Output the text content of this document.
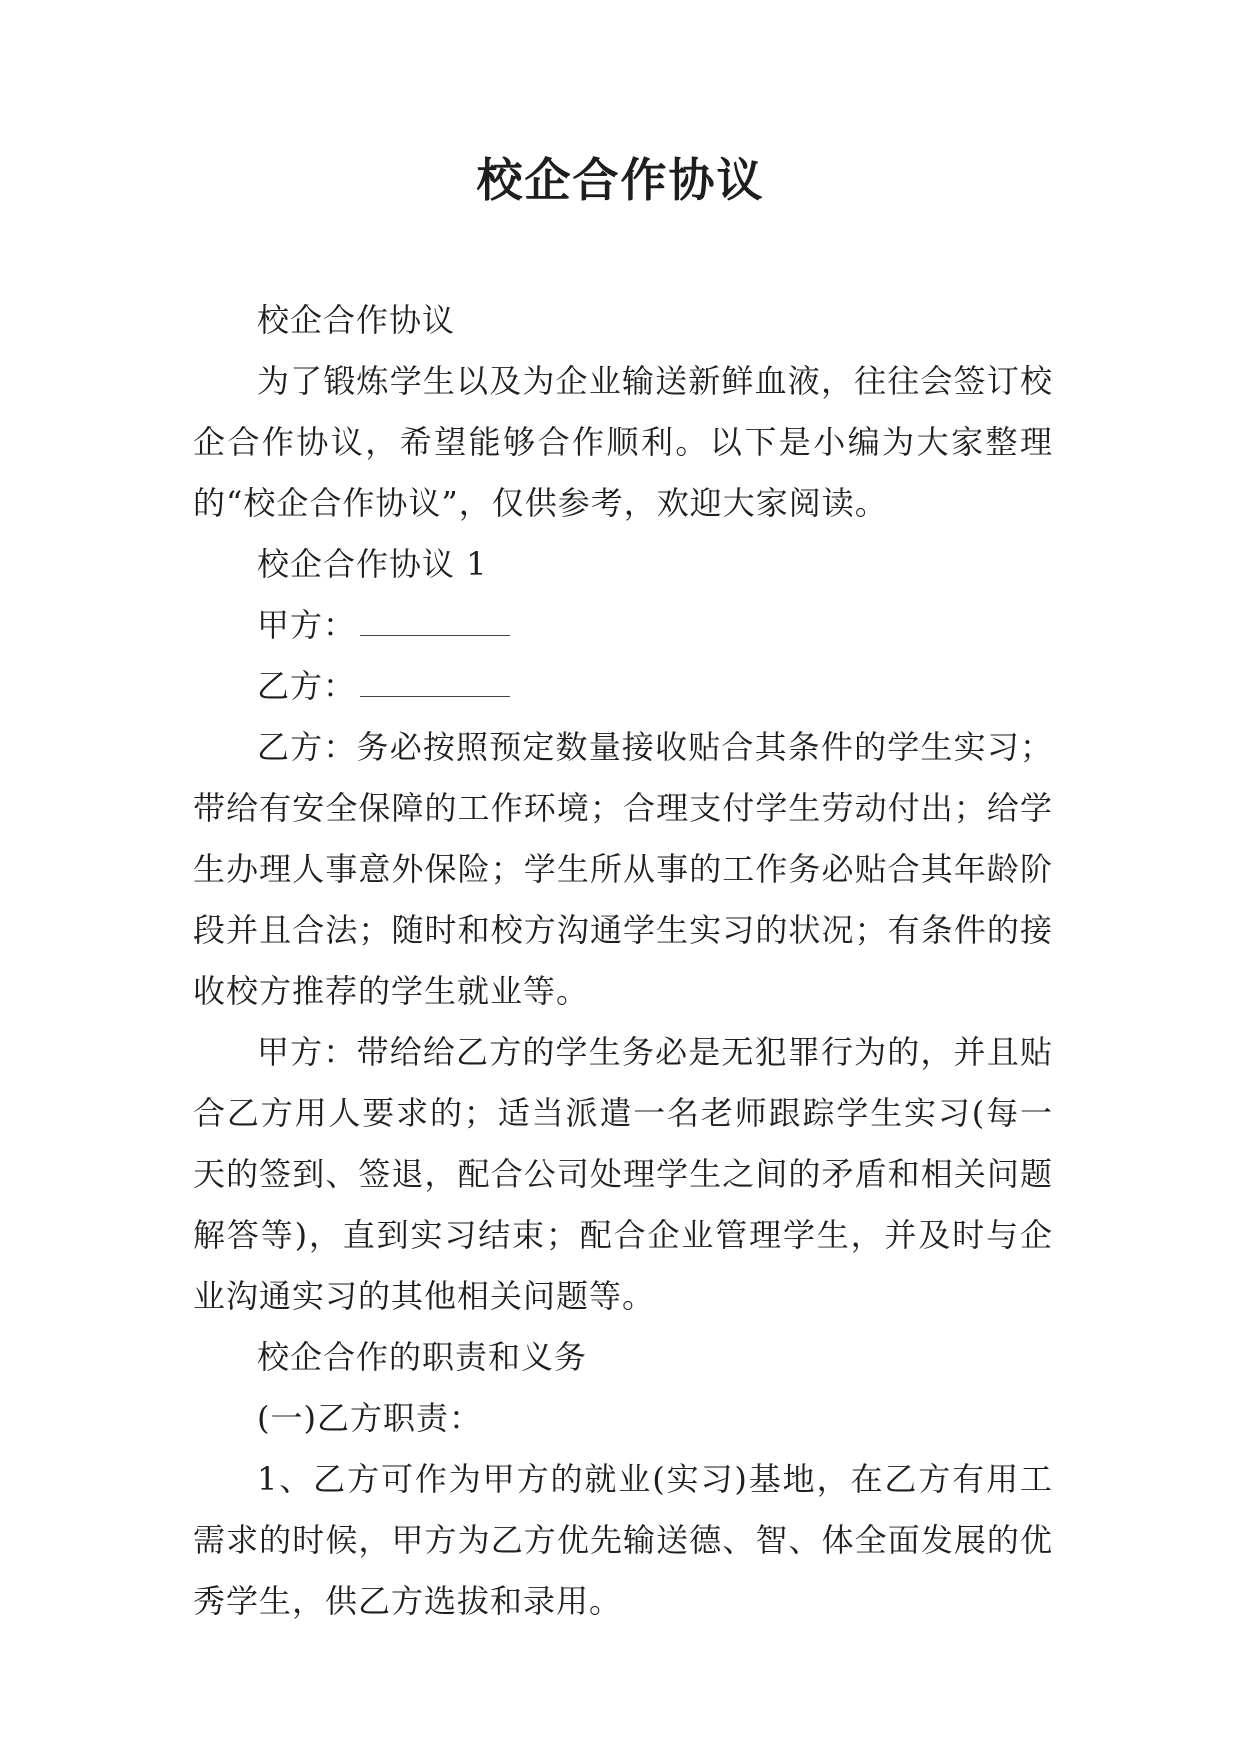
校企合作协议

校企合作协议

为了锻炼学生以及为企业输送新鲜血液，往往会签订校企合作协议，希望能够合作顺利。以下是小编为大家整理的“校企合作协议”，仅供参考，欢迎大家阅读。

校企合作协议 1

甲方：

乙方：

乙方：务必按照预定数量接收贴合其条件的学生实习；带给有安全保障的工作环境；合理支付学生劳动付出；给学生办理人事意外保险；学生所从事的工作务必贴合其年龄阶段并且合法；随时和校方沟通学生实习的状况；有条件的接收校方推荐的学生就业等。

甲方：带给给乙方的学生务必是无犯罪行为的，并且贴合乙方用人要求的；适当派遣一名老师跟踪学生实习(每一天的签到、签退，配合公司处理学生之间的矛盾和相关问题解答等)，直到实习结束；配合企业管理学生，并及时与企业沟通实习的其他相关问题等。

校企合作的职责和义务

(一)乙方职责：

1、乙方可作为甲方的就业(实习)基地，在乙方有用工需求的时候，甲方为乙方优先输送德、智、体全面发展的优秀学生，供乙方选拔和录用。
